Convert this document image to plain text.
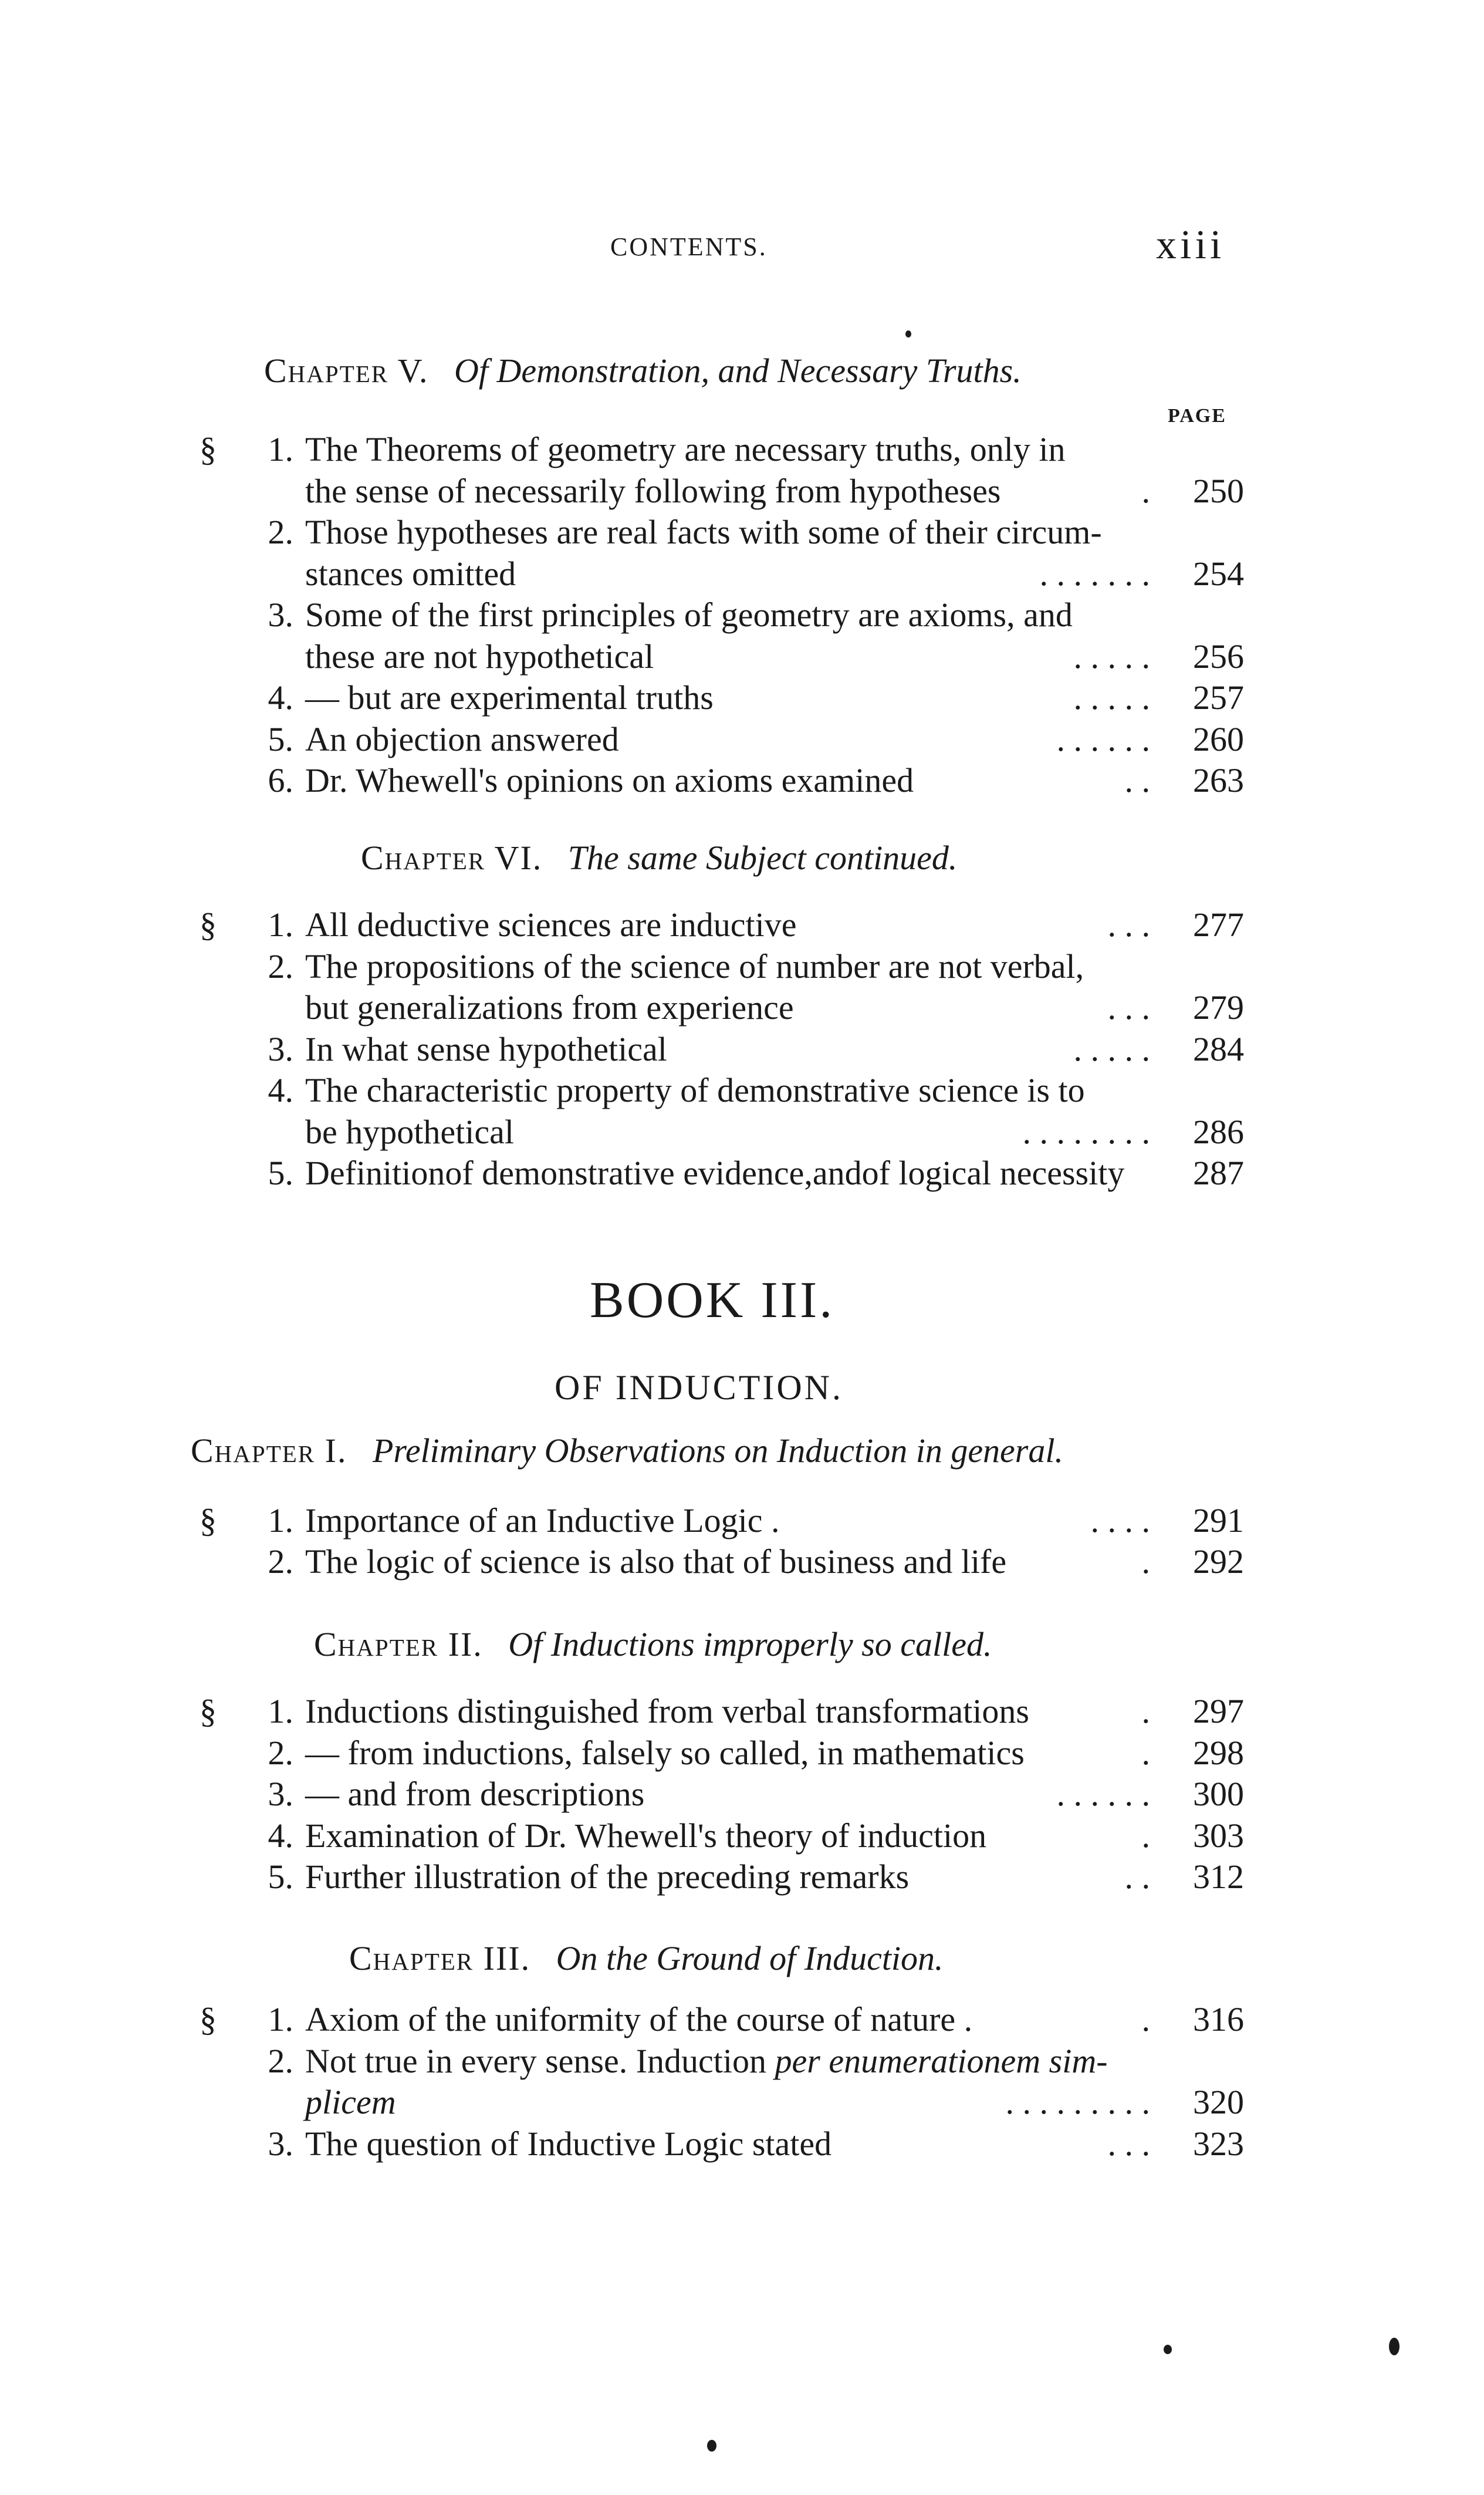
CONTENTS.	xiii
Chapter V. Of Demonstration, and Necessary Truths.
PAGE
§	1. The Theorems of geometry are necessary truths, only in
the sense of necessarily following from hypotheses	.	250
2. Those hypotheses are real facts with some of their circum-
stances omitted	. . . . . . .	254
3. Some of the first principles of geometry are axioms, and
these are not hypothetical	. . . . .	256
4. — but are experimental truths	. . . . .	257
5. An objection answered	. . . . . .	260
6. Dr. Whewell's opinions on axioms examined	. .	263
Chapter VI. The same Subject continued.
§	1. All deductive sciences are inductive	. . .	277
2. The propositions of the science of number are not verbal,
but generalizations from experience	. . .	279
3. In what sense hypothetical	. . . . .	284
4. The characteristic property of demonstrative science is to
be hypothetical	. . . . . . . .	286
5. Definitionof demonstrative evidence,andof logical necessity	287
BOOK III.
OF INDUCTION.
Chapter I. Preliminary Observations on Induction in general.
§	1. Importance of an Inductive Logic .	. . . .	291
2. The logic of science is also that of business and life	.	292
Chapter II. Of Inductions improperly so called.
§	1. Inductions distinguished from verbal transformations	.	297
2. — from inductions, falsely so called, in mathematics	.	298
3. — and from descriptions	. . . . . .	300
4. Examination of Dr. Whewell's theory of induction	.	303
5. Further illustration of the preceding remarks	. .	312
Chapter III. On the Ground of Induction.
§	1. Axiom of the uniformity of the course of nature .	.	316
2. Not true in every sense. Induction per enumerationem sim-
plicem	. . . . . . . . .	320
3. The question of Inductive Logic stated	. . .	323
